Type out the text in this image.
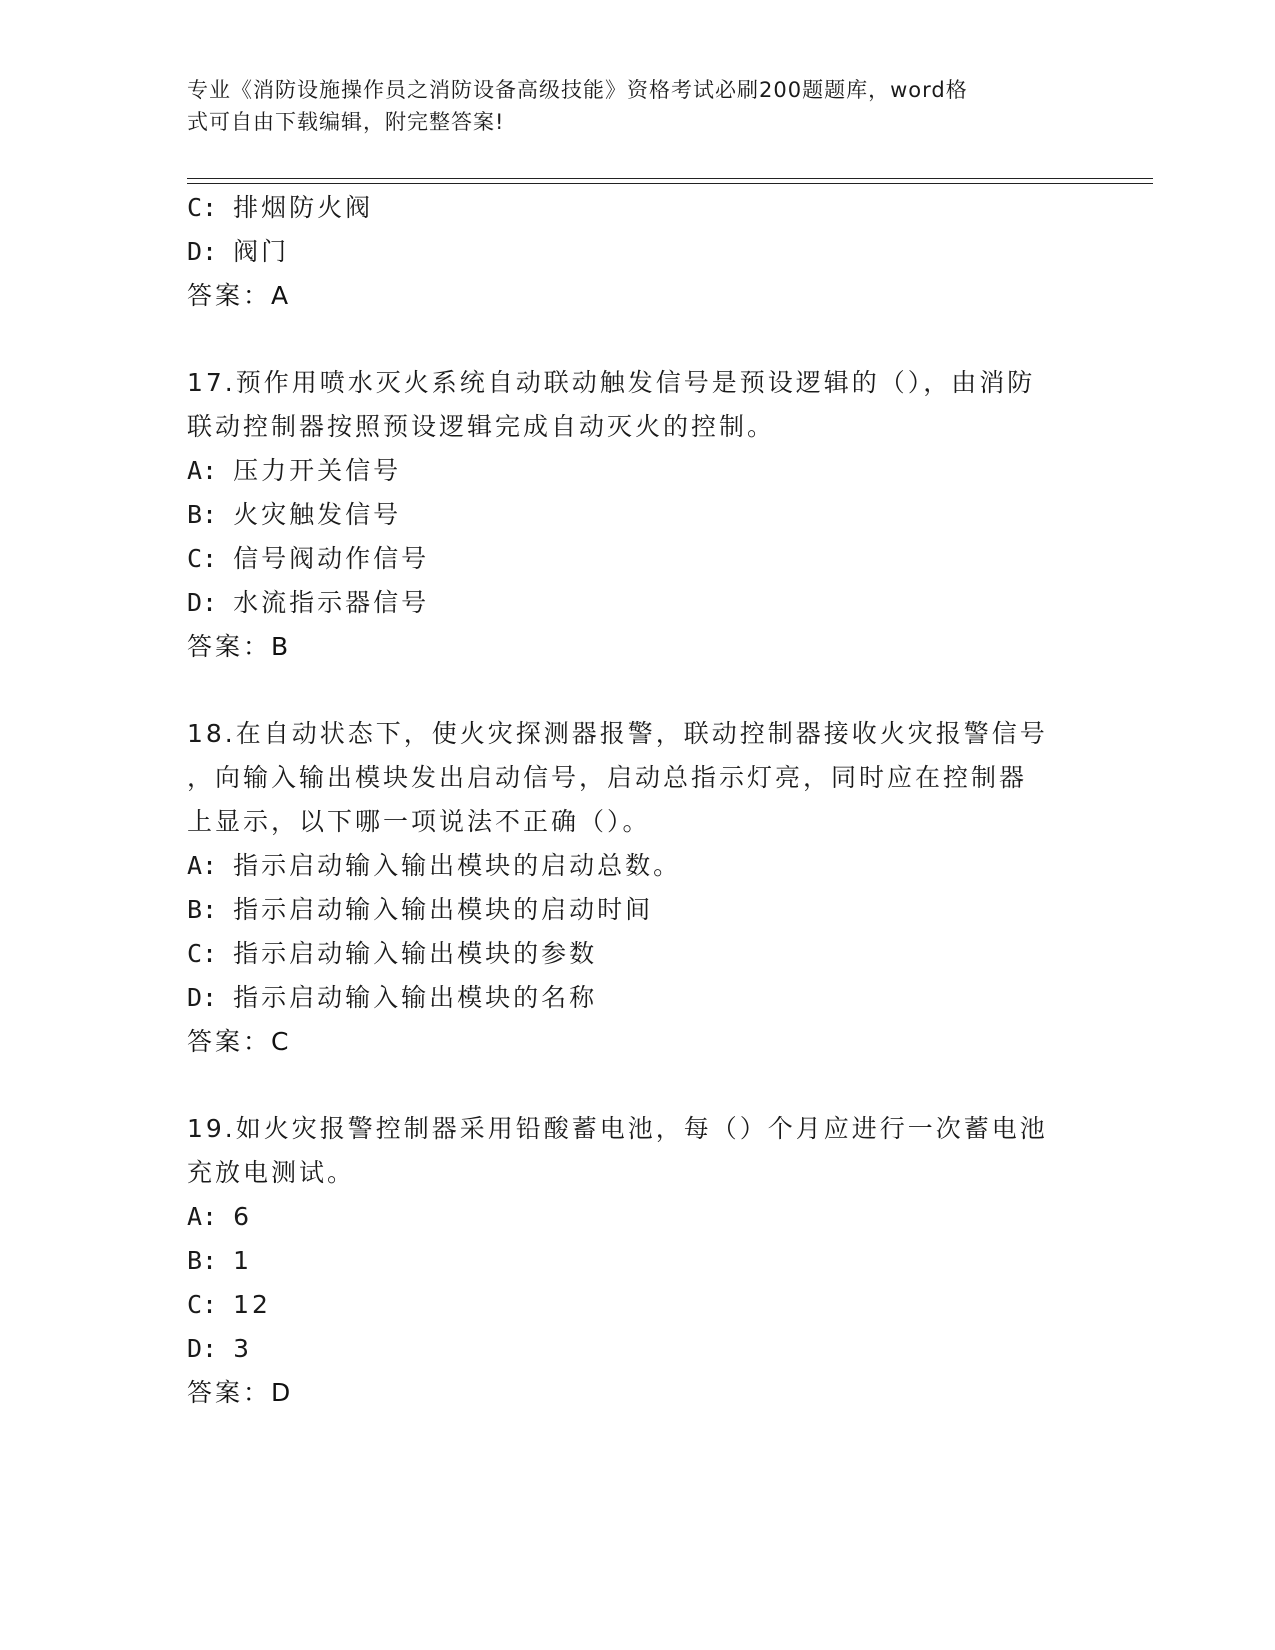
专业《消防设施操作员之消防设备高级技能》资格考试必刷200题题库，word格
式可自由下载编辑，附完整答案!
C: 排烟防火阀
D: 阀门
答案：A
17.预作用喷水灭火系统自动联动触发信号是预设逻辑的（），由消防
联动控制器按照预设逻辑完成自动灭火的控制。
A: 压力开关信号
B: 火灾触发信号
C: 信号阀动作信号
D: 水流指示器信号
答案：B
18.在自动状态下，使火灾探测器报警，联动控制器接收火灾报警信号
，向输入输出模块发出启动信号，启动总指示灯亮，同时应在控制器
上显示，以下哪一项说法不正确（）。
A: 指示启动输入输出模块的启动总数。
B: 指示启动输入输出模块的启动时间
C: 指示启动输入输出模块的参数
D: 指示启动输入输出模块的名称
答案：C
19.如火灾报警控制器采用铅酸蓄电池，每（）个月应进行一次蓄电池
充放电测试。
A: 6
B: 1
C: 12
D: 3
答案：D
